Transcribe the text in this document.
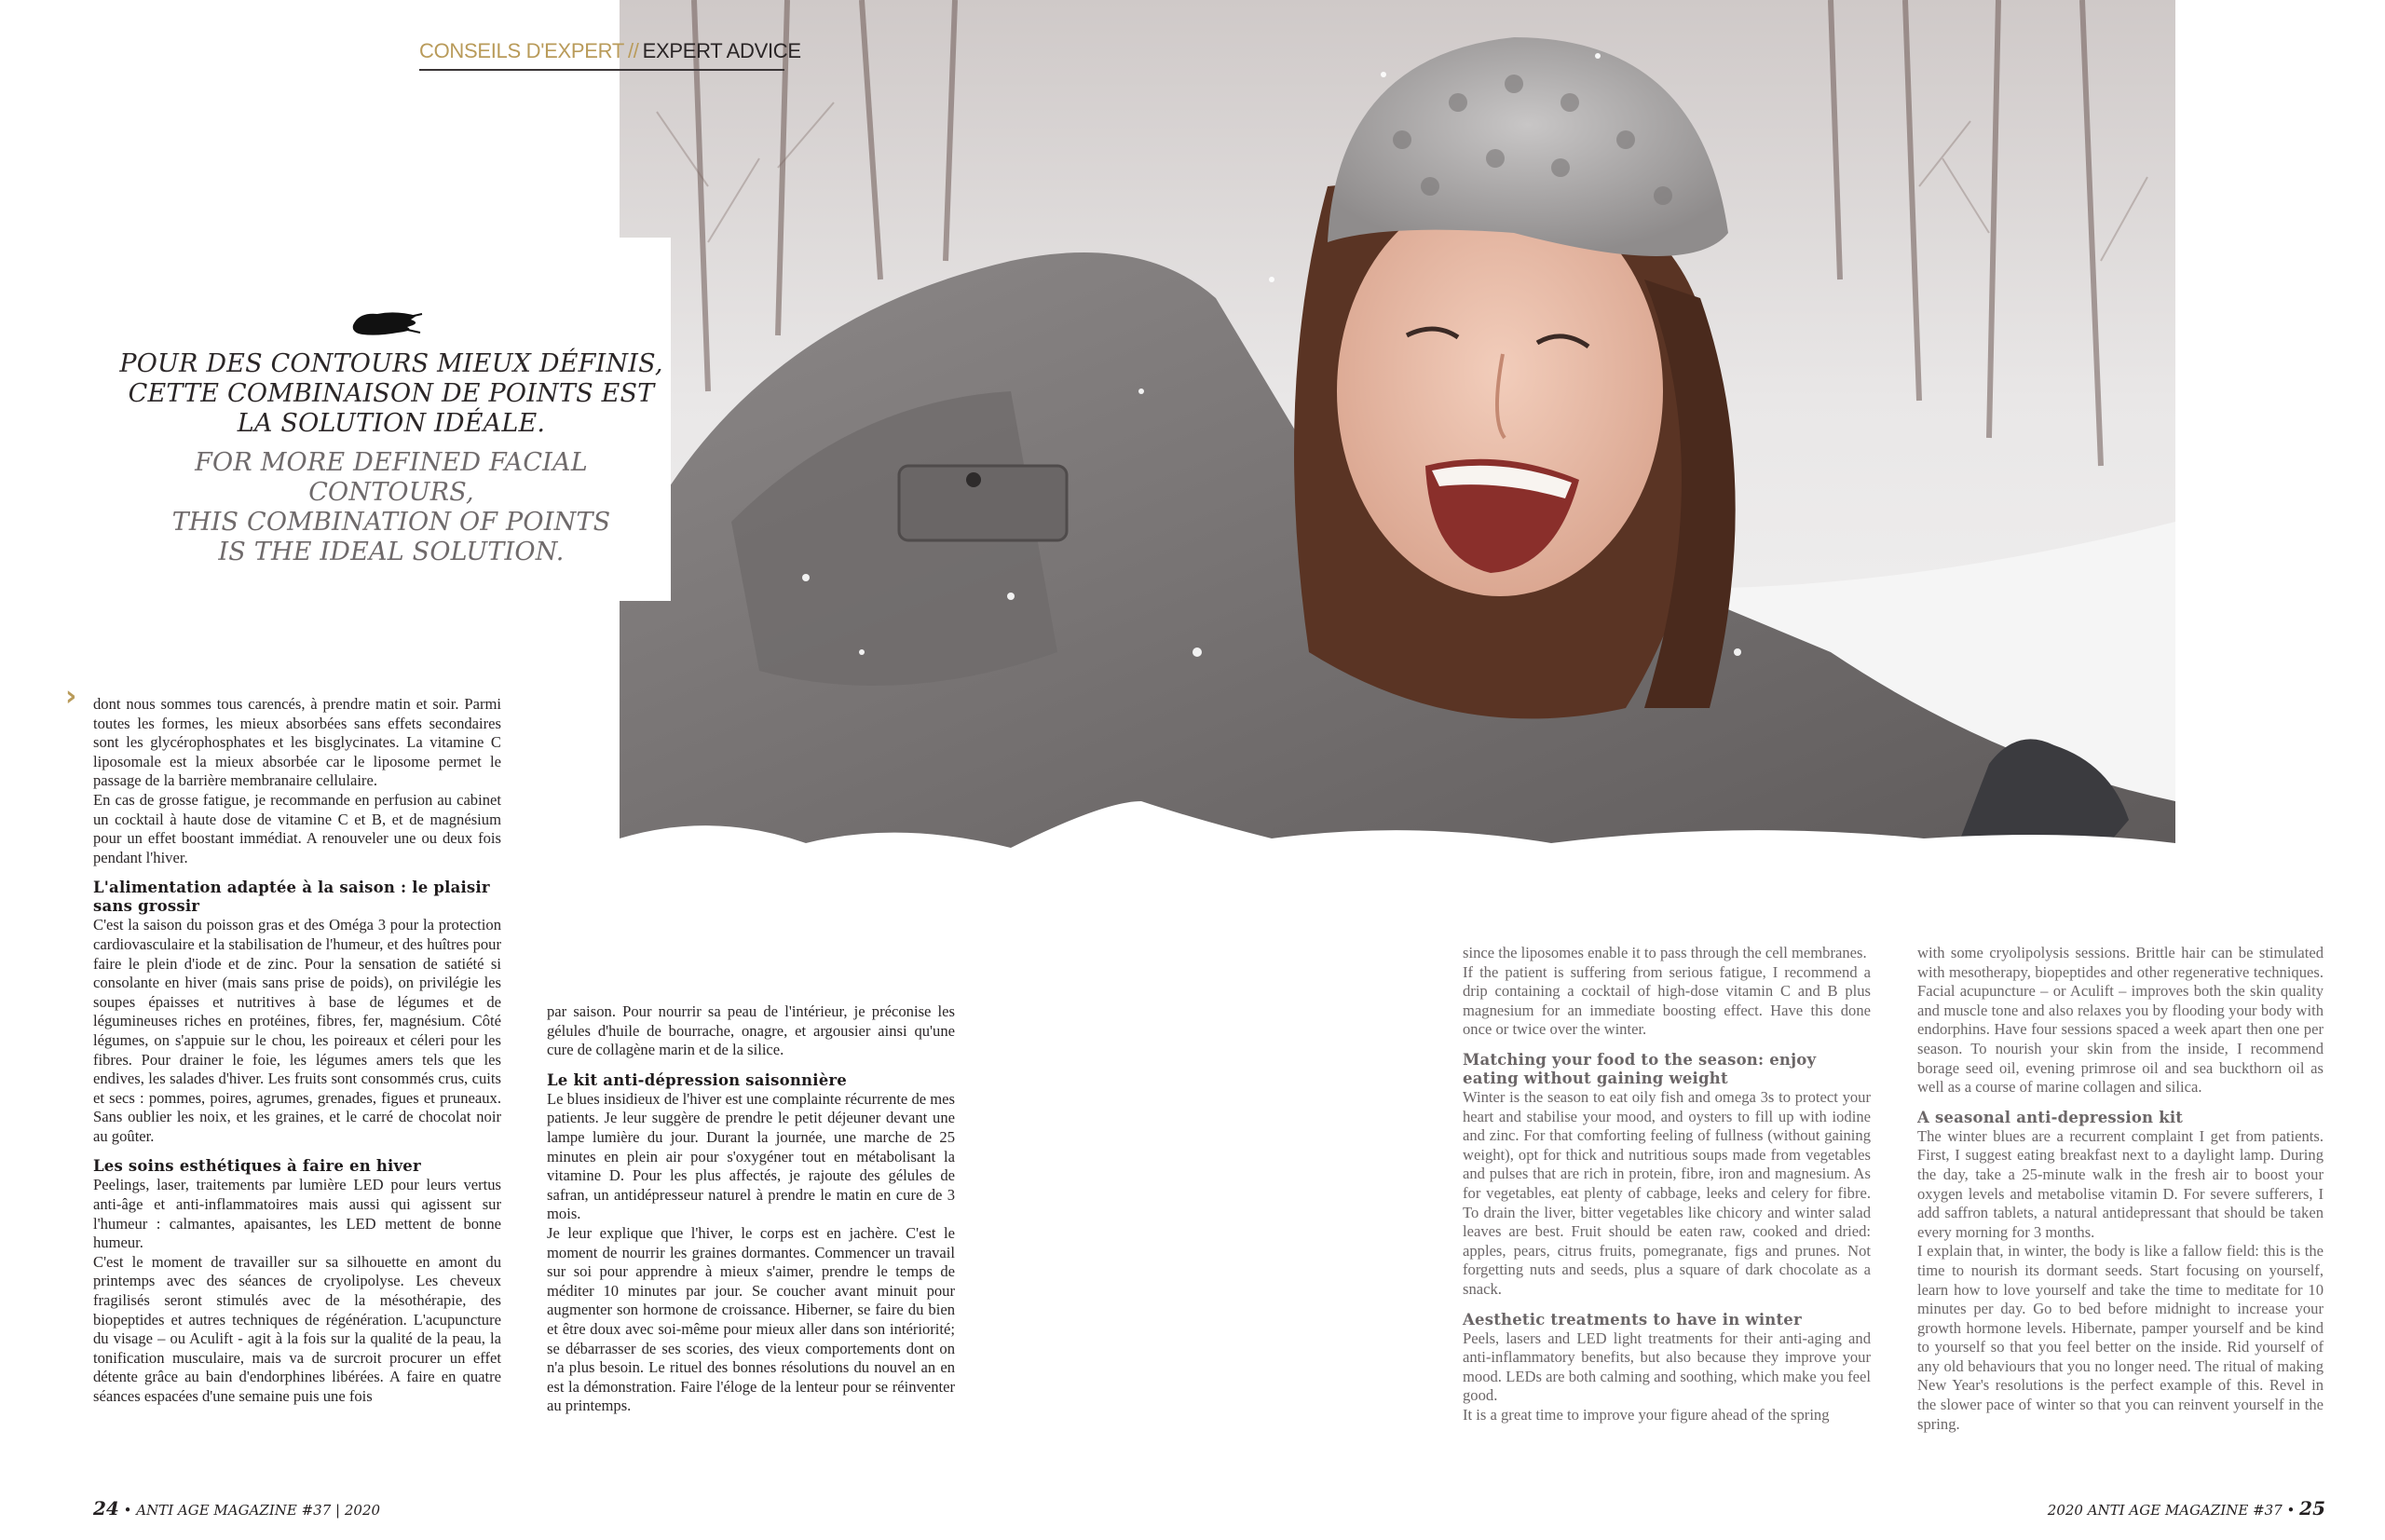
CONSEILS D'EXPERT // EXPERT ADVICE
POUR DES CONTOURS MIEUX DÉFINIS,
CETTE COMBINAISON DE POINTS EST
LA SOLUTION IDÉALE.
FOR MORE DEFINED FACIAL CONTOURS,
THIS COMBINATION OF POINTS
IS THE IDEAL SOLUTION.
› dont nous sommes tous carencés, à prendre matin et soir. Parmi toutes les formes, les mieux absorbées sans effets secondaires sont les glycérophosphates et les bisglycinates. La vitamine C liposomale est la mieux absorbée car le liposome permet le passage de la barrière membranaire cellulaire.

En cas de grosse fatigue, je recommande en perfusion au cabinet un cocktail à haute dose de vitamine C et B, et de magnésium pour un effet boostant immédiat. A renouveler une ou deux fois pendant l'hiver.

L'alimentation adaptée à la saison : le plaisir sans grossir

C'est la saison du poisson gras et des Oméga 3 pour la protection cardiovasculaire et la stabilisation de l'humeur, et des huîtres pour faire le plein d'iode et de zinc. Pour la sensation de satiété si consolante en hiver (mais sans prise de poids), on privilégie les soupes épaisses et nutritives à base de légumes et de légumineuses riches en protéines, fibres, fer, magnésium. Côté légumes, on s'appuie sur le chou, les poireaux et céleri pour les fibres. Pour drainer le foie, les légumes amers tels que les endives, les salades d'hiver. Les fruits sont consommés crus, cuits et secs : pommes, poires, agrumes, grenades, figues et pruneaux. Sans oublier les noix, et les graines, et le carré de chocolat noir au goûter.

Les soins esthétiques à faire en hiver

Peelings, laser, traitements par lumière LED pour leurs vertus anti-âge et anti-inflammatoires mais aussi qui agissent sur l'humeur : calmantes, apaisantes, les LED mettent de bonne humeur.

C'est le moment de travailler sur sa silhouette en amont du printemps avec des séances de cryolipolyse. Les cheveux fragilisés seront stimulés avec de la mésothérapie, des biopeptides et autres techniques de régénération. L'acupuncture du visage – ou Aculift - agit à la fois sur la qualité de la peau, la tonification musculaire, mais va de surcroit procurer un effet détente grâce au bain d'endorphines libérées. A faire en quatre séances espacées d'une semaine puis une fois

par saison. Pour nourrir sa peau de l'intérieur, je préconise les gélules d'huile de bourrache, onagre, et argousier ainsi qu'une cure de collagène marin et de la silice.

Le kit anti-dépression saisonnière

Le blues insidieux de l'hiver est une complainte récurrente de mes patients. Je leur suggère de prendre le petit déjeuner devant une lampe lumière du jour. Durant la journée, une marche de 25 minutes en plein air pour s'oxygéner tout en métabolisant la vitamine D. Pour les plus affectés, je rajoute des gélules de safran, un antidépresseur naturel à prendre le matin en cure de 3 mois.

Je leur explique que l'hiver, le corps est en jachère. C'est le moment de nourrir les graines dormantes. Commencer un travail sur soi pour apprendre à mieux s'aimer, prendre le temps de méditer 10 minutes par jour. Se coucher avant minuit pour augmenter son hormone de croissance. Hiberner, se faire du bien et être doux avec soi-même pour mieux aller dans son intériorité; se débarrasser de ses scories, des vieux comportements dont on n'a plus besoin. Le rituel des bonnes résolutions du nouvel an en est la démonstration. Faire l'éloge de la lenteur pour se réinventer au printemps.

since the liposomes enable it to pass through the cell membranes.

If the patient is suffering from serious fatigue, I recommend a drip containing a cocktail of high-dose vitamin C and B plus magnesium for an immediate boosting effect. Have this done once or twice over the winter.

Matching your food to the season: enjoy eating without gaining weight

Winter is the season to eat oily fish and omega 3s to protect your heart and stabilise your mood, and oysters to fill up with iodine and zinc. For that comforting feeling of fullness (without gaining weight), opt for thick and nutritious soups made from vegetables and pulses that are rich in protein, fibre, iron and magnesium. As for vegetables, eat plenty of cabbage, leeks and celery for fibre. To drain the liver, bitter vegetables like chicory and winter salad leaves are best. Fruit should be eaten raw, cooked and dried: apples, pears, citrus fruits, pomegranate, figs and prunes. Not forgetting nuts and seeds, plus a square of dark chocolate as a snack.

Aesthetic treatments to have in winter

Peels, lasers and LED light treatments for their anti-aging and anti-inflammatory benefits, but also because they improve your mood. LEDs are both calming and soothing, which make you feel good.

It is a great time to improve your figure ahead of the spring

with some cryolipolysis sessions. Brittle hair can be stimulated with mesotherapy, biopeptides and other regenerative techniques. Facial acupuncture – or Aculift – improves both the skin quality and muscle tone and also relaxes you by flooding your body with endorphins. Have four sessions spaced a week apart then one per season. To nourish your skin from the inside, I recommend borage seed oil, evening primrose oil and sea buckthorn oil as well as a course of marine collagen and silica.

A seasonal anti-depression kit

The winter blues are a recurrent complaint I get from patients. First, I suggest eating breakfast next to a daylight lamp. During the day, take a 25-minute walk in the fresh air to boost your oxygen levels and metabolise vitamin D. For severe sufferers, I add saffron tablets, a natural antidepressant that should be taken every morning for 3 months.

I explain that, in winter, the body is like a fallow field: this is the time to nourish its dormant seeds. Start focusing on yourself, learn how to love yourself and take the time to meditate for 10 minutes per day. Go to bed before midnight to increase your growth hormone levels. Hibernate, pamper yourself and be kind to yourself so that you feel better on the inside. Rid yourself of any old behaviours that you no longer need. The ritual of making New Year's resolutions is the perfect example of this. Revel in the slower pace of winter so that you can reinvent yourself in the spring.

24 • ANTI AGE MAGAZINE #37 | 2020	2020 ANTI AGE MAGAZINE #37 • 25
